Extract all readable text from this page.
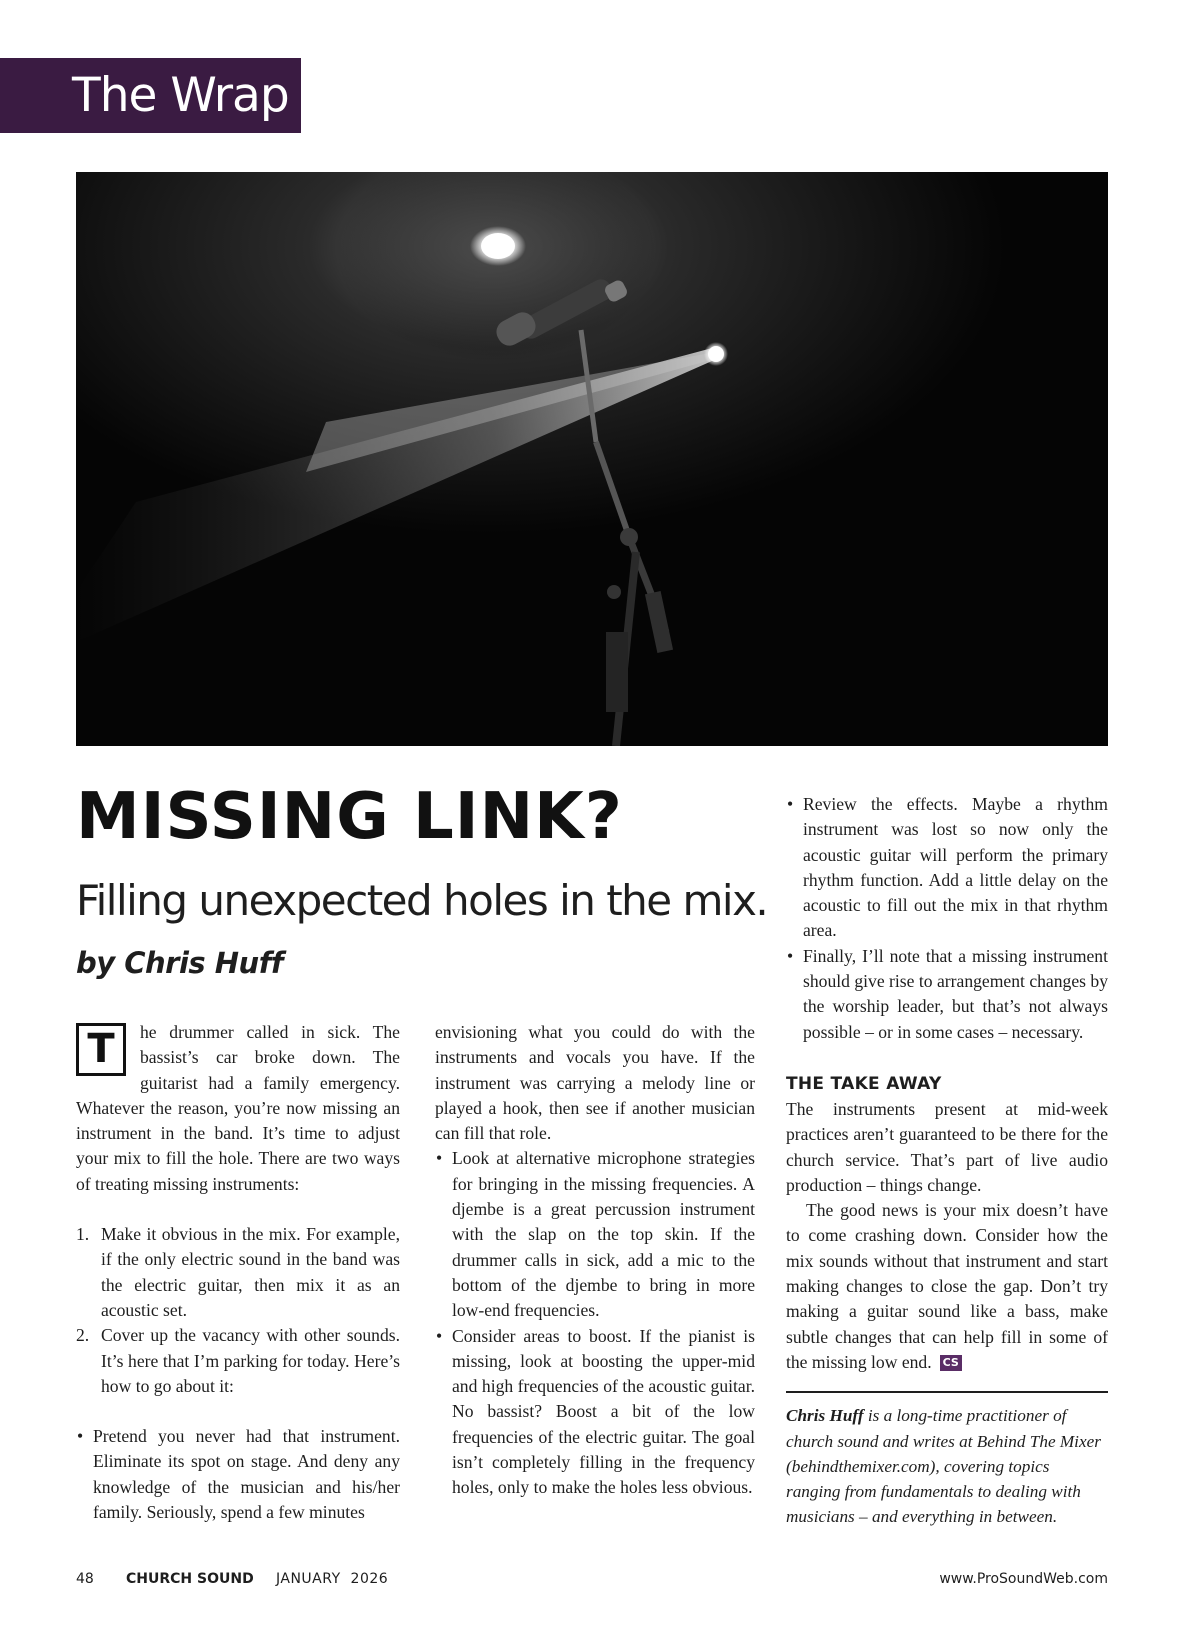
The Wrap
MISSING LINK?
Filling unexpected holes in the mix.

by Chris Huff

T	he drummer called in sick. The bassist’s car broke down. The guitarist had a family emergency. Whatever the reason, you’re now missing an instrument in the band. It’s time to adjust your mix to fill the hole. There are two ways of treating missing instruments:

1. Make it obvious in the mix. For example, if the only electric sound in the band was the electric guitar, then mix it as an acoustic set.
2. Cover up the vacancy with other sounds. It’s here that I’m parking for today. Here’s how to go about it:
• Pretend you never had that instrument. Eliminate its spot on stage. And deny any knowledge of the musician and his/her family. Seriously, spend a few minutes

envisioning what you could do with the instruments and vocals you have. If the instrument was carrying a melody line or played a hook, then see if another musician can fill that role.

• Look at alternative microphone strategies for bringing in the missing frequencies. A djembe is a great percussion instrument with the slap on the top skin. If the drummer calls in sick, add a mic to the bottom of the djembe to bring in more low-end frequencies.
• Consider areas to boost. If the pianist is missing, look at boosting the upper-mid and high frequencies of the acoustic guitar. No bassist? Boost a bit of the low frequencies of the electric guitar. The goal isn’t completely filling in the frequency holes, only to make the holes less obvious.
• Review the effects. Maybe a rhythm instrument was lost so now only the acoustic guitar will perform the primary rhythm function. Add a little delay on the acoustic to fill out the mix in that rhythm area.
• Finally, I’ll note that a missing instrument should give rise to arrangement changes by the worship leader, but that’s not always possible – or in some cases – necessary.
THE TAKE AWAY

The instruments present at mid-week practices aren’t guaranteed to be there for the church service. That’s part of live audio production – things change.

The good news is your mix doesn’t have to come crashing down. Consider how the mix sounds without that instrument and start making changes to close the gap. Don’t try making a guitar sound like a bass, make subtle changes that can help fill in some of the missing low end. CS

Chris Huff is a long-time practitioner of church sound and writes at Behind The Mixer (behindthemixer.com), covering topics ranging from fundamentals to dealing with musicians – and everything in between.

48 CHURCH SOUND JANUARY  2026	www.ProSoundWeb.com
